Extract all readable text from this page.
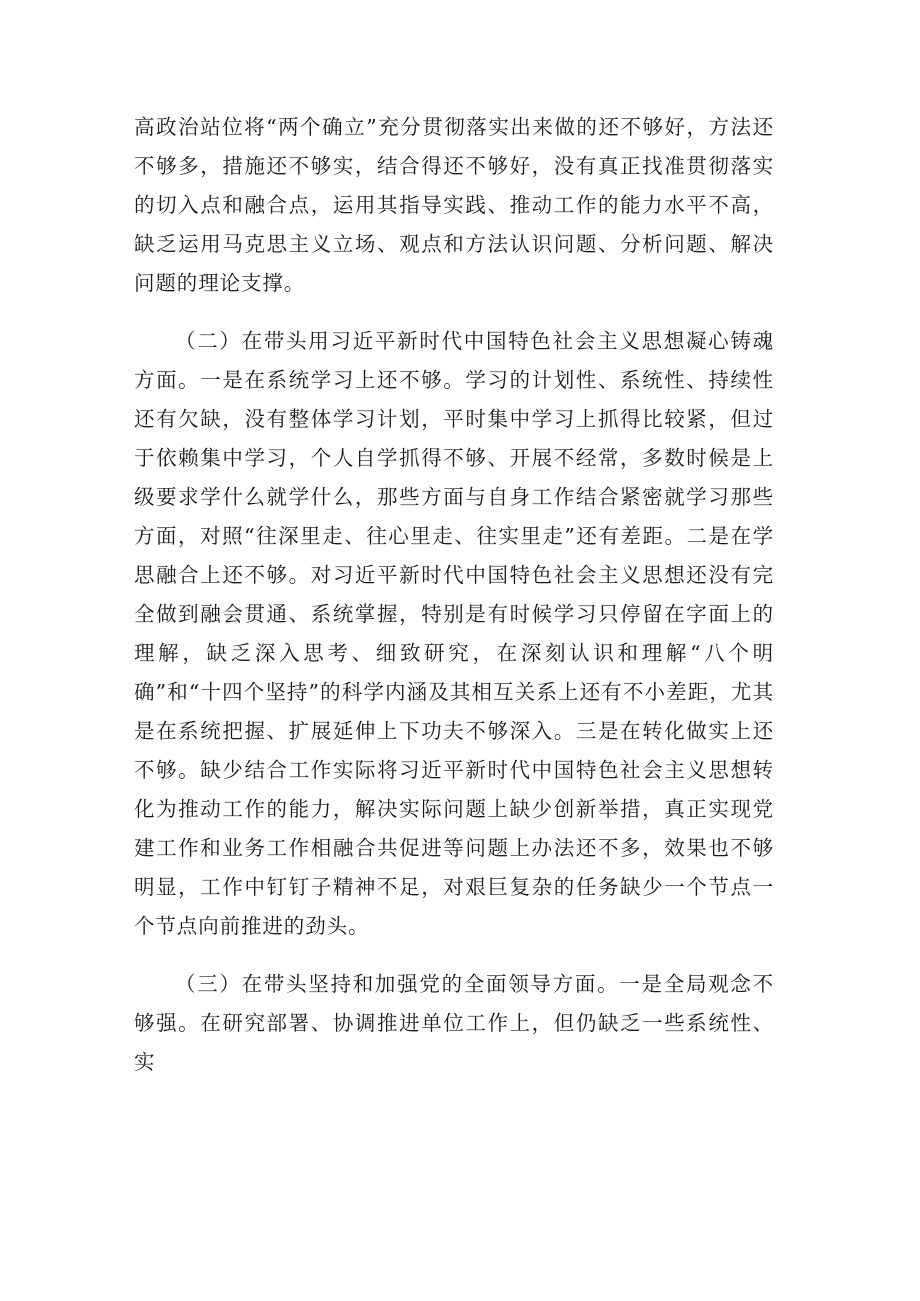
高政治站位将“两个确立”充分贯彻落实出来做的还不够好，方法还不够多，措施还不够实，结合得还不够好，没有真正找准贯彻落实的切入点和融合点，运用其指导实践、推动工作的能力水平不高，缺乏运用马克思主义立场、观点和方法认识问题、分析问题、解决问题的理论支撑。

（二）在带头用习近平新时代中国特色社会主义思想凝心铸魂方面。一是在系统学习上还不够。学习的计划性、系统性、持续性还有欠缺，没有整体学习计划，平时集中学习上抓得比较紧，但过于依赖集中学习，个人自学抓得不够、开展不经常，多数时候是上级要求学什么就学什么，那些方面与自身工作结合紧密就学习那些方面，对照“往深里走、往心里走、往实里走”还有差距。二是在学思融合上还不够。对习近平新时代中国特色社会主义思想还没有完全做到融会贯通、系统掌握，特别是有时候学习只停留在字面上的理解，缺乏深入思考、细致研究，在深刻认识和理解“八个明确”和“十四个坚持”的科学内涵及其相互关系上还有不小差距，尤其是在系统把握、扩展延伸上下功夫不够深入。三是在转化做实上还不够。缺少结合工作实际将习近平新时代中国特色社会主义思想转化为推动工作的能力，解决实际问题上缺少创新举措，真正实现党建工作和业务工作相融合共促进等问题上办法还不多，效果也不够明显，工作中钉钉子精神不足，对艰巨复杂的任务缺少一个节点一个节点向前推进的劲头。

（三）在带头坚持和加强党的全面领导方面。一是全局观念不够强。在研究部署、协调推进单位工作上，但仍缺乏一些系统性、实
